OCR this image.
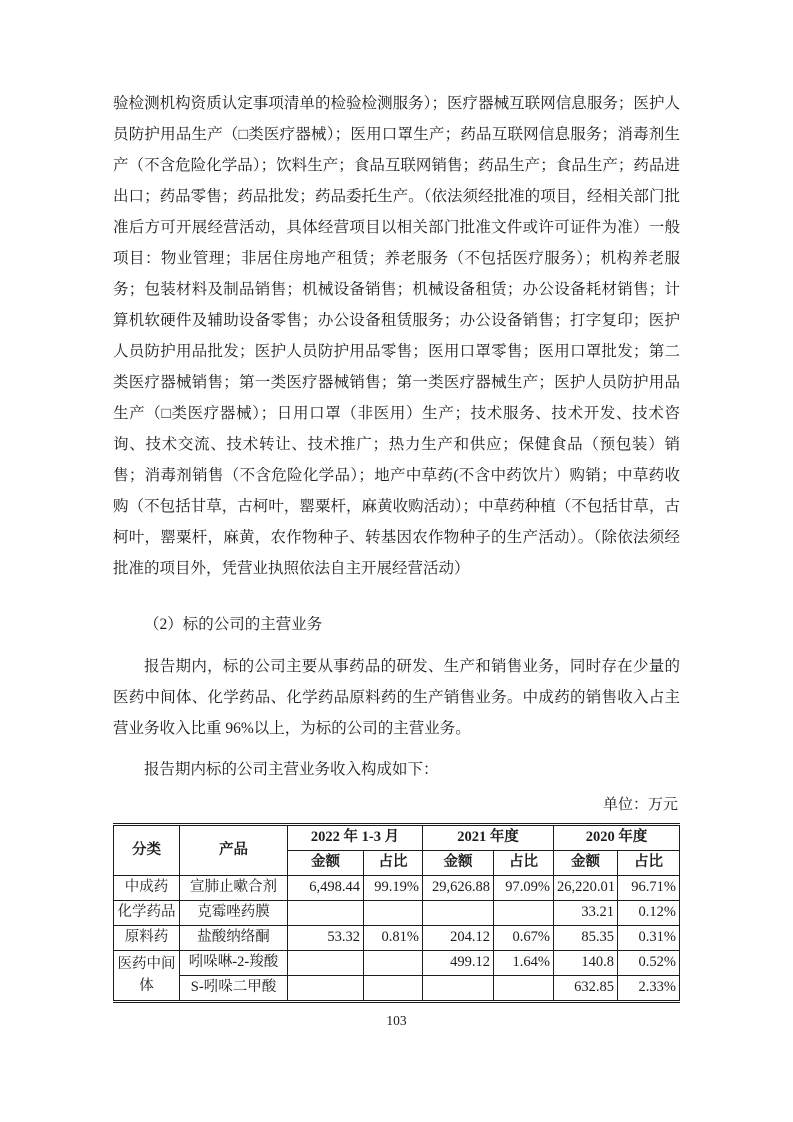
验检测机构资质认定事项清单的检验检测服务）；医疗器械互联网信息服务；医护人员防护用品生产（□类医疗器械）；医用口罩生产；药品互联网信息服务；消毒剂生产（不含危险化学品）；饮料生产；食品互联网销售；药品生产；食品生产；药品进出口；药品零售；药品批发；药品委托生产。（依法须经批准的项目，经相关部门批准后方可开展经营活动，具体经营项目以相关部门批准文件或许可证件为准）一般项目：物业管理；非居住房地产租赁；养老服务（不包括医疗服务）；机构养老服务；包装材料及制品销售；机械设备销售；机械设备租赁；办公设备耗材销售；计算机软硬件及辅助设备零售；办公设备租赁服务；办公设备销售；打字复印；医护人员防护用品批发；医护人员防护用品零售；医用口罩零售；医用口罩批发；第二类医疗器械销售；第一类医疗器械销售；第一类医疗器械生产；医护人员防护用品生产（□类医疗器械）；日用口罩（非医用）生产；技术服务、技术开发、技术咨询、技术交流、技术转让、技术推广；热力生产和供应；保健食品（预包装）销售；消毒剂销售（不含危险化学品）；地产中草药(不含中药饮片）购销；中草药收购（不包括甘草，古柯叶，罂粟杆，麻黄收购活动）；中草药种植（不包括甘草，古柯叶，罂粟杆，麻黄，农作物种子、转基因农作物种子的生产活动）。（除依法须经批准的项目外，凭营业执照依法自主开展经营活动）

（2）标的公司的主营业务

报告期内，标的公司主要从事药品的研发、生产和销售业务，同时存在少量的医药中间体、化学药品、化学药品原料药的生产销售业务。中成药的销售收入占主营业务收入比重 96%以上，为标的公司的主营业务。

报告期内标的公司主营业务收入构成如下：

单位：万元
分类	产品	2022 年 1-3 月		2021 年度		2020 年度	
		金额	占比	金额	占比	金额	占比
中成药	宣肺止嗽合剂	6,498.44	99.19%	29,626.88	97.09%	26,220.01	96.71%
化学药品	克霉唑药膜					33.21	0.12%
原料药	盐酸纳络酮	53.32	0.81%	204.12	0.67%	85.35	0.31%
医药中间体	吲哚啉-2-羧酸			499.12	1.64%	140.8	0.52%
	S-吲哚二甲酸					632.85	2.33%
103
